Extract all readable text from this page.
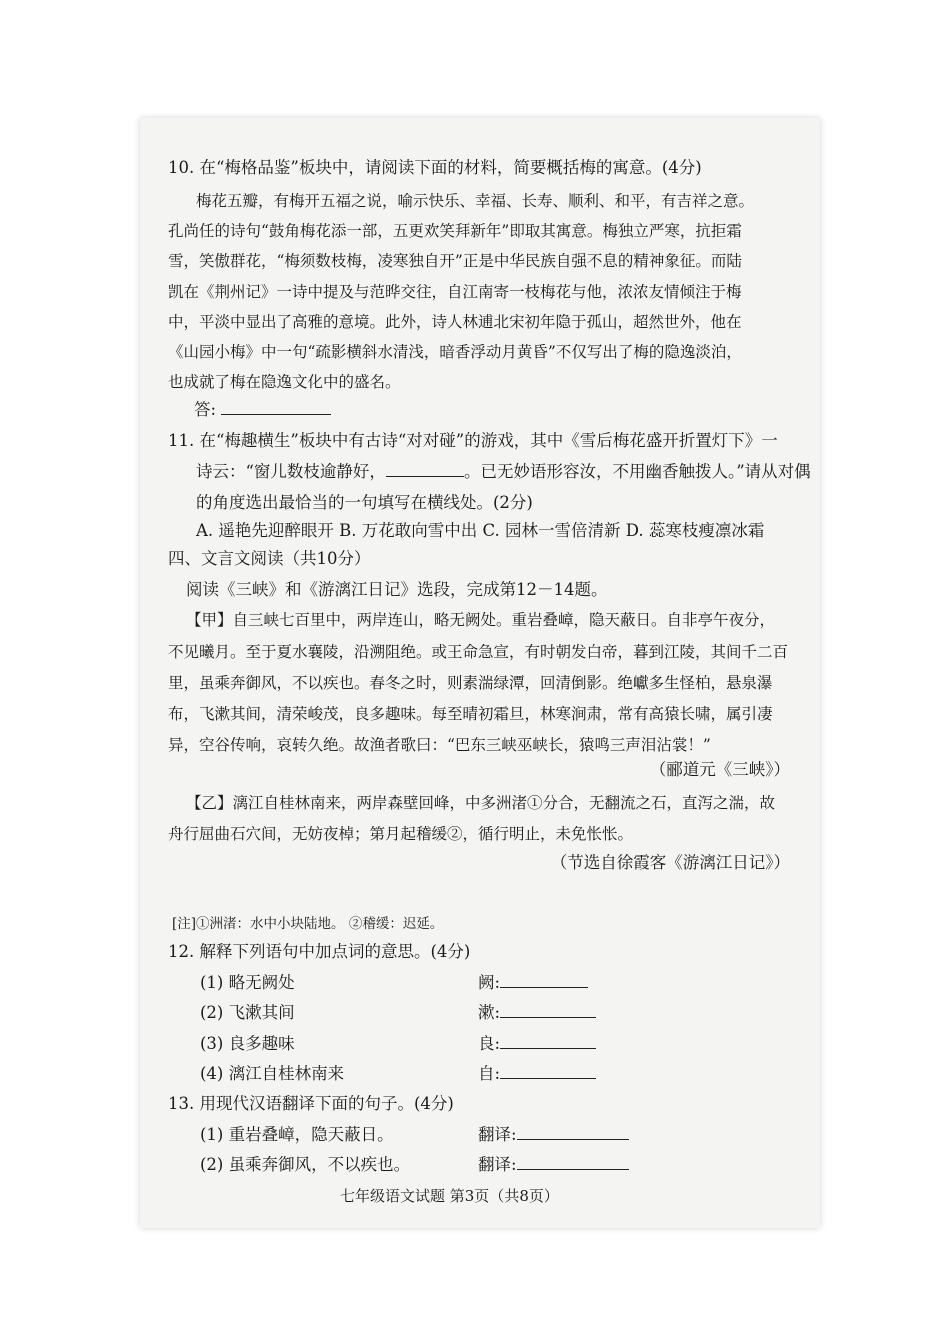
10. 在“梅格品鉴”板块中，请阅读下面的材料，简要概括梅的寓意。(4分)
梅花五瓣，有梅开五福之说，喻示快乐、幸福、长寿、顺利、和平，有吉祥之意。
孔尚任的诗句“鼓角梅花添一部，五更欢笑拜新年”即取其寓意。梅独立严寒，抗拒霜
雪，笑傲群花，“梅须数枝梅，凌寒独自开”正是中华民族自强不息的精神象征。而陆
凯在《荆州记》一诗中提及与范晔交往，自江南寄一枝梅花与他，浓浓友情倾注于梅
中，平淡中显出了高雅的意境。此外，诗人林逋北宋初年隐于孤山，超然世外，他在
《山园小梅》中一句“疏影横斜水清浅，暗香浮动月黄昏”不仅写出了梅的隐逸淡泊，
也成就了梅在隐逸文化中的盛名。
答:
11. 在“梅趣横生”板块中有古诗“对对碰”的游戏，其中《雪后梅花盛开折置灯下》一
诗云：“窗儿数枝逾静好，	。已无妙语形容汝，不用幽香触拨人。”请从对偶
的角度选出最恰当的一句填写在横线处。(2分)
A. 遥艳先迎醉眼开 B. 万花敢向雪中出 C. 园林一雪倍清新 D. 蕊寒枝瘦凛冰霜
四、文言文阅读（共10分）
阅读《三峡》和《游漓江日记》选段，完成第12－14题。
【甲】自三峡七百里中，两岸连山，略无阙处。重岩叠嶂，隐天蔽日。自非亭午夜分，
不见曦月。至于夏水襄陵，沿溯阻绝。或王命急宣，有时朝发白帝，暮到江陵，其间千二百
里，虽乘奔御风，不以疾也。春冬之时，则素湍绿潭，回清倒影。绝巘多生怪柏，悬泉瀑
布，飞漱其间，清荣峻茂，良多趣味。每至晴初霜旦，林寒涧肃，常有高猿长啸，属引凄
异，空谷传响，哀转久绝。故渔者歌曰：“巴东三峡巫峡长，猿鸣三声泪沾裳！”
（郦道元《三峡》）
【乙】漓江自桂林南来，两岸森壁回峰，中多洲渚①分合，无翻流之石，直泻之湍，故
舟行屈曲石穴间，无妨夜棹；第月起稽缓②，循行明止，未免怅怅。
（节选自徐霞客《游漓江日记》）
[注]①洲渚：水中小块陆地。 ②稽缓：迟延。
12. 解释下列语句中加点词的意思。(4分)
(1) 略无阙处	阙:
(2) 飞漱其间	漱:
(3) 良多趣味	良:
(4) 漓江自桂林南来	自:
13. 用现代汉语翻译下面的句子。(4分)
(1) 重岩叠嶂，隐天蔽日。	翻译:
(2) 虽乘奔御风，不以疾也。	翻译:
七年级语文试题 第3页（共8页）
